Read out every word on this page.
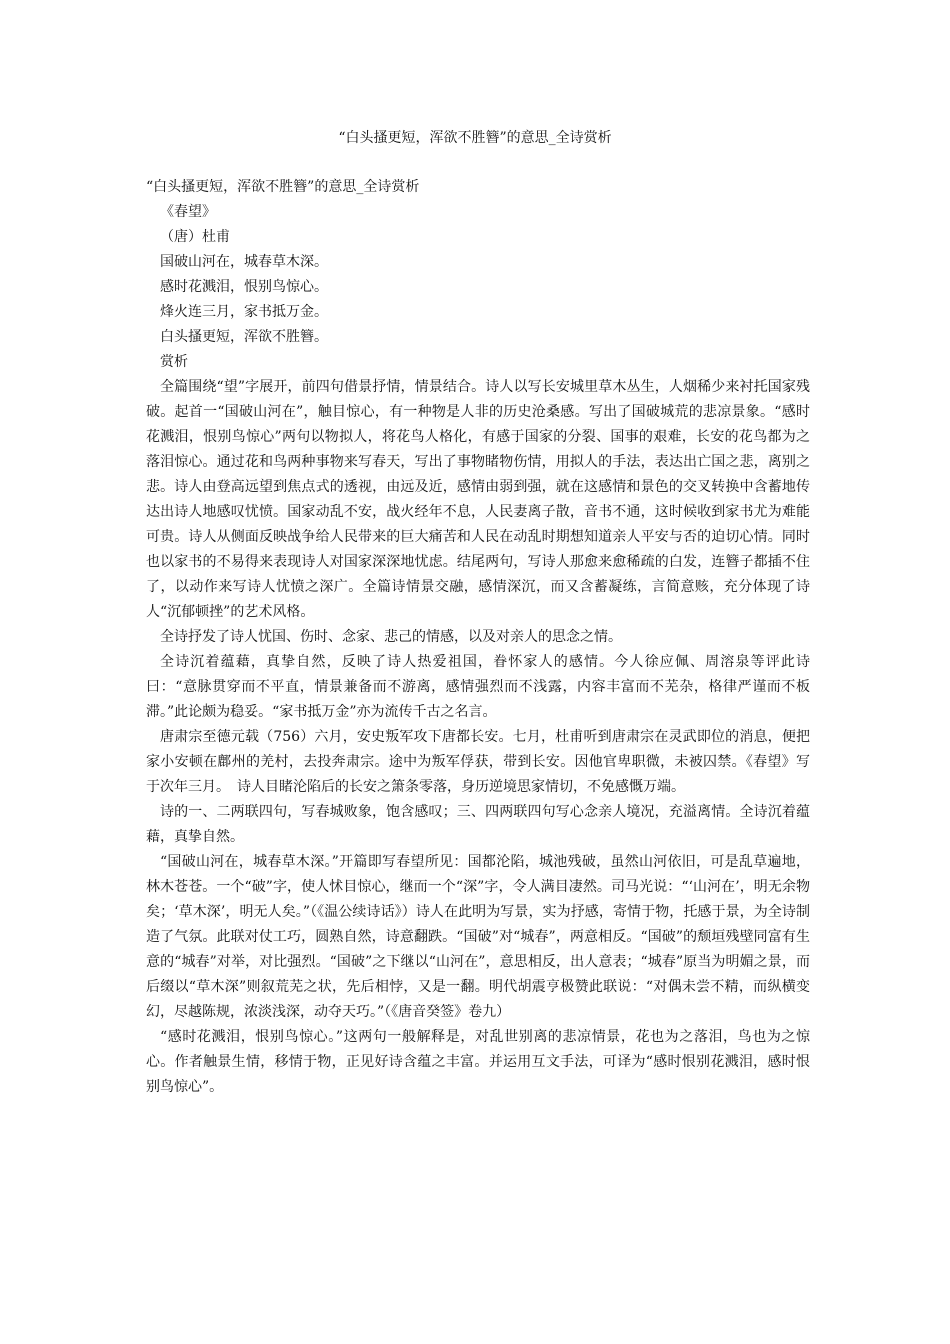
“白头搔更短，浑欲不胜簪”的意思_全诗赏析

“白头搔更短，浑欲不胜簪”的意思_全诗赏析

《春望》

（唐）杜甫

国破山河在，城春草木深。

感时花溅泪，恨别鸟惊心。

烽火连三月，家书抵万金。

白头搔更短，浑欲不胜簪。

赏析

全篇围绕“望”字展开，前四句借景抒情，情景结合。诗人以写长安城里草木丛生，人烟稀少来衬托国家残破。起首一“国破山河在”，触目惊心，有一种物是人非的历史沧桑感。写出了国破城荒的悲凉景象。“感时花溅泪，恨别鸟惊心”两句以物拟人，将花鸟人格化，有感于国家的分裂、国事的艰难，长安的花鸟都为之落泪惊心。通过花和鸟两种事物来写春天，写出了事物睹物伤情，用拟人的手法，表达出亡国之悲，离别之悲。诗人由登高远望到焦点式的透视，由远及近，感情由弱到强，就在这感情和景色的交叉转换中含蓄地传达出诗人地感叹忧愤。国家动乱不安，战火经年不息，人民妻离子散，音书不通，这时候收到家书尤为难能可贵。诗人从侧面反映战争给人民带来的巨大痛苦和人民在动乱时期想知道亲人平安与否的迫切心情。同时也以家书的不易得来表现诗人对国家深深地忧虑。结尾两句，写诗人那愈来愈稀疏的白发，连簪子都插不住了，以动作来写诗人忧愤之深广。全篇诗情景交融，感情深沉，而又含蓄凝练，言简意赅，充分体现了诗人“沉郁顿挫”的艺术风格。

全诗抒发了诗人忧国、伤时、念家、悲己的情感，以及对亲人的思念之情。

全诗沉着蕴藉，真挚自然，反映了诗人热爱祖国，眷怀家人的感情。今人徐应佩、周溶泉等评此诗曰：“意脉贯穿而不平直，情景兼备而不游离，感情强烈而不浅露，内容丰富而不芜杂，格律严谨而不板滞。”此论颇为稳妥。“家书抵万金”亦为流传千古之名言。

唐肃宗至德元载（756）六月，安史叛军攻下唐都长安。七月，杜甫听到唐肃宗在灵武即位的消息，便把家小安顿在鄜州的羌村，去投奔肃宗。途中为叛军俘获，带到长安。因他官卑职微，未被囚禁。《春望》写于次年三月。　诗人目睹沦陷后的长安之箫条零落，身历逆境思家情切，不免感慨万端。

诗的一、二两联四句，写春城败象，饱含感叹；三、四两联四句写心念亲人境况，充溢离情。全诗沉着蕴藉，真挚自然。

“国破山河在，城春草木深。”开篇即写春望所见：国都沦陷，城池残破，虽然山河依旧，可是乱草遍地，林木苍苍。一个“破”字，使人怵目惊心，继而一个“深”字，令人满目凄然。司马光说：“‘山河在’，明无余物矣；‘草木深’，明无人矣。”（《温公续诗话》）诗人在此明为写景，实为抒感，寄情于物，托感于景，为全诗制造了气氛。此联对仗工巧，圆熟自然，诗意翻跌。“国破”对“城春”，两意相反。“国破”的颓垣残壁同富有生意的“城春”对举，对比强烈。“国破”之下继以“山河在”，意思相反，出人意表；“城春”原当为明媚之景，而后缀以“草木深”则叙荒芜之状，先后相悖，又是一翻。明代胡震亨极赞此联说：“对偶未尝不精，而纵横变幻，尽越陈规，浓淡浅深，动夺天巧。”（《唐音癸签》卷九）

“感时花溅泪，恨别鸟惊心。”这两句一般解释是，对乱世别离的悲凉情景，花也为之落泪，鸟也为之惊心。作者触景生情，移情于物，正见好诗含蕴之丰富。并运用互文手法，可译为“感时恨别花溅泪，感时恨别鸟惊心”。
